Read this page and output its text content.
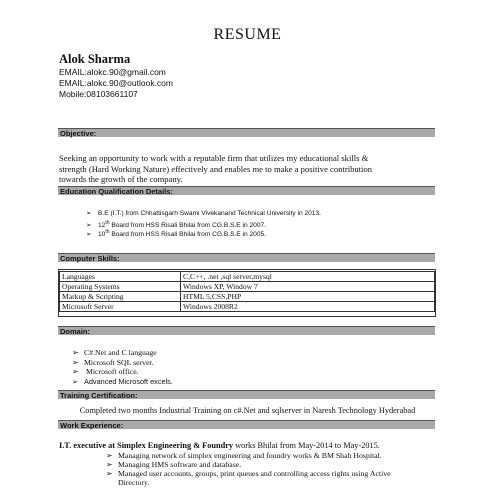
RESUME
Alok Sharma
EMAIL:alokc.90@gmail.com
EMAIL:alokc.90@outlook.com
Mobile:08103661107
Objective:
Seeking an opportunity to work with a reputable firm that utilizes my educational skills &
strength (Hard Working Nature) effectively and enables me to make a positive contribution
towards the growth of the company.
Education Qualification Details:
➢ B.E (I.T.) from Chhattisgarh Swami Vivekanand Technical University in 2013.
➢ 12th Board from HSS Risali Bhilai from CG.B.S.E in 2007.
➢ 10th Board from HSS Risali Bhilai from CG.B.S.E in 2005.
Computer Skills:
Languages	C,C++, .net ,sql server,mysql
Operating Systems	Windows XP, Window 7
Markup & Scripting	HTML 5,CSS,PHP
Microsoft Server	Windows 2008R2
Domain:
➢ C#.Net and C language
➢ Microsoft SQL server.
➢ Microsoft office.
➢ Advanced Microsoft excels.
Training Certification:
Completed two months Industrial Training on c#.Net and sqlserver in Naresh Technology Hyderabad
Work Experience:
I.T. executive at Simplex Engineering & Foundry works Bhilai from May-2014 to May-2015.
➢ Managing network of simplex engineering and foundry works & BM Shah Hospital.
➢ Managing HMS software and database.
➢ Managed user accounts, groups, print queues and controlling access rights using Active
Directory.
